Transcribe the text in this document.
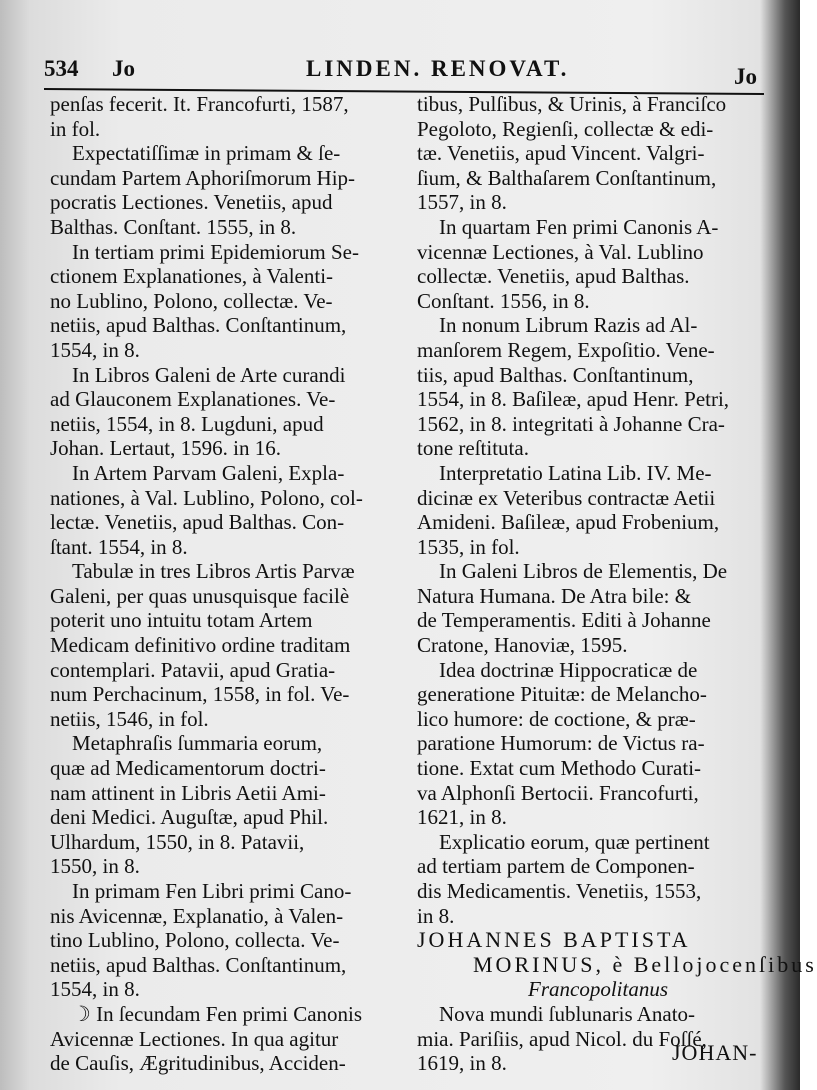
534 Jo	LINDEN. RENOVAT.	Jo
penſas fecerit. It. Francofurti, 1587,
in fol.
Expectatiſſimæ in primam & ſe-
cundam Partem Aphoriſmorum Hip-
pocratis Lectiones. Venetiis, apud
Balthas. Conſtant. 1555, in 8.
In tertiam primi Epidemiorum Se-
ctionem Explanationes, à Valenti-
no Lublino, Polono, collectæ. Ve-
netiis, apud Balthas. Conſtantinum,
1554, in 8.
In Libros Galeni de Arte curandi
ad Glauconem Explanationes. Ve-
netiis, 1554, in 8. Lugduni, apud
Johan. Lertaut, 1596. in 16.
In Artem Parvam Galeni, Expla-
nationes, à Val. Lublino, Polono, col-
lectæ. Venetiis, apud Balthas. Con-
ſtant. 1554, in 8.
Tabulæ in tres Libros Artis Parvæ
Galeni, per quas unusquisque facilè
poterit uno intuitu totam Artem
Medicam definitivo ordine traditam
contemplari. Patavii, apud Gratia-
num Perchacinum, 1558, in fol. Ve-
netiis, 1546, in fol.
Metaphraſis ſummaria eorum,
quæ ad Medicamentorum doctri-
nam attinent in Libris Aetii Ami-
deni Medici. Auguſtæ, apud Phil.
Ulhardum, 1550, in 8. Patavii,
1550, in 8.
In primam Fen Libri primi Cano-
nis Avicennæ, Explanatio, à Valen-
tino Lublino, Polono, collecta. Ve-
netiis, apud Balthas. Conſtantinum,
1554, in 8.
☽ In ſecundam Fen primi Canonis
Avicennæ Lectiones. In qua agitur
de Cauſis, Ægritudinibus, Acciden-
tibus, Pulſibus, & Urinis, à Franciſco
Pegoloto, Regienſi, collectæ & edi-
tæ. Venetiis, apud Vincent. Valgri-
ſium, & Balthaſarem Conſtantinum,
1557, in 8.
In quartam Fen primi Canonis A-
vicennæ Lectiones, à Val. Lublino
collectæ. Venetiis, apud Balthas.
Conſtant. 1556, in 8.
In nonum Librum Razis ad Al-
manſorem Regem, Expoſitio. Vene-
tiis, apud Balthas. Conſtantinum,
1554, in 8. Baſileæ, apud Henr. Petri,
1562, in 8. integritati à Johanne Cra-
tone reſtituta.
Interpretatio Latina Lib. IV. Me-
dicinæ ex Veteribus contractæ Aetii
Amideni. Baſileæ, apud Frobenium,
1535, in fol.
In Galeni Libros de Elementis, De
Natura Humana. De Atra bile: &
de Temperamentis. Editi à Johanne
Cratone, Hanoviæ, 1595.
Idea doctrinæ Hippocraticæ de
generatione Pituitæ: de Melancho-
lico humore: de coctione, & præ-
paratione Humorum: de Victus ra-
tione. Extat cum Methodo Curati-
va Alphonſi Bertocii. Francofurti,
1621, in 8.
Explicatio eorum, quæ pertinent
ad tertiam partem de Componen-
dis Medicamentis. Venetiis, 1553,
in 8.
JOHANNES BAPTISTA
MORINUS, è Bellojocenſibus
Francopolitanus
Nova mundi ſublunaris Anato-
mia. Pariſiis, apud Nicol. du Foſſé,
1619, in 8.	JOHAN-
